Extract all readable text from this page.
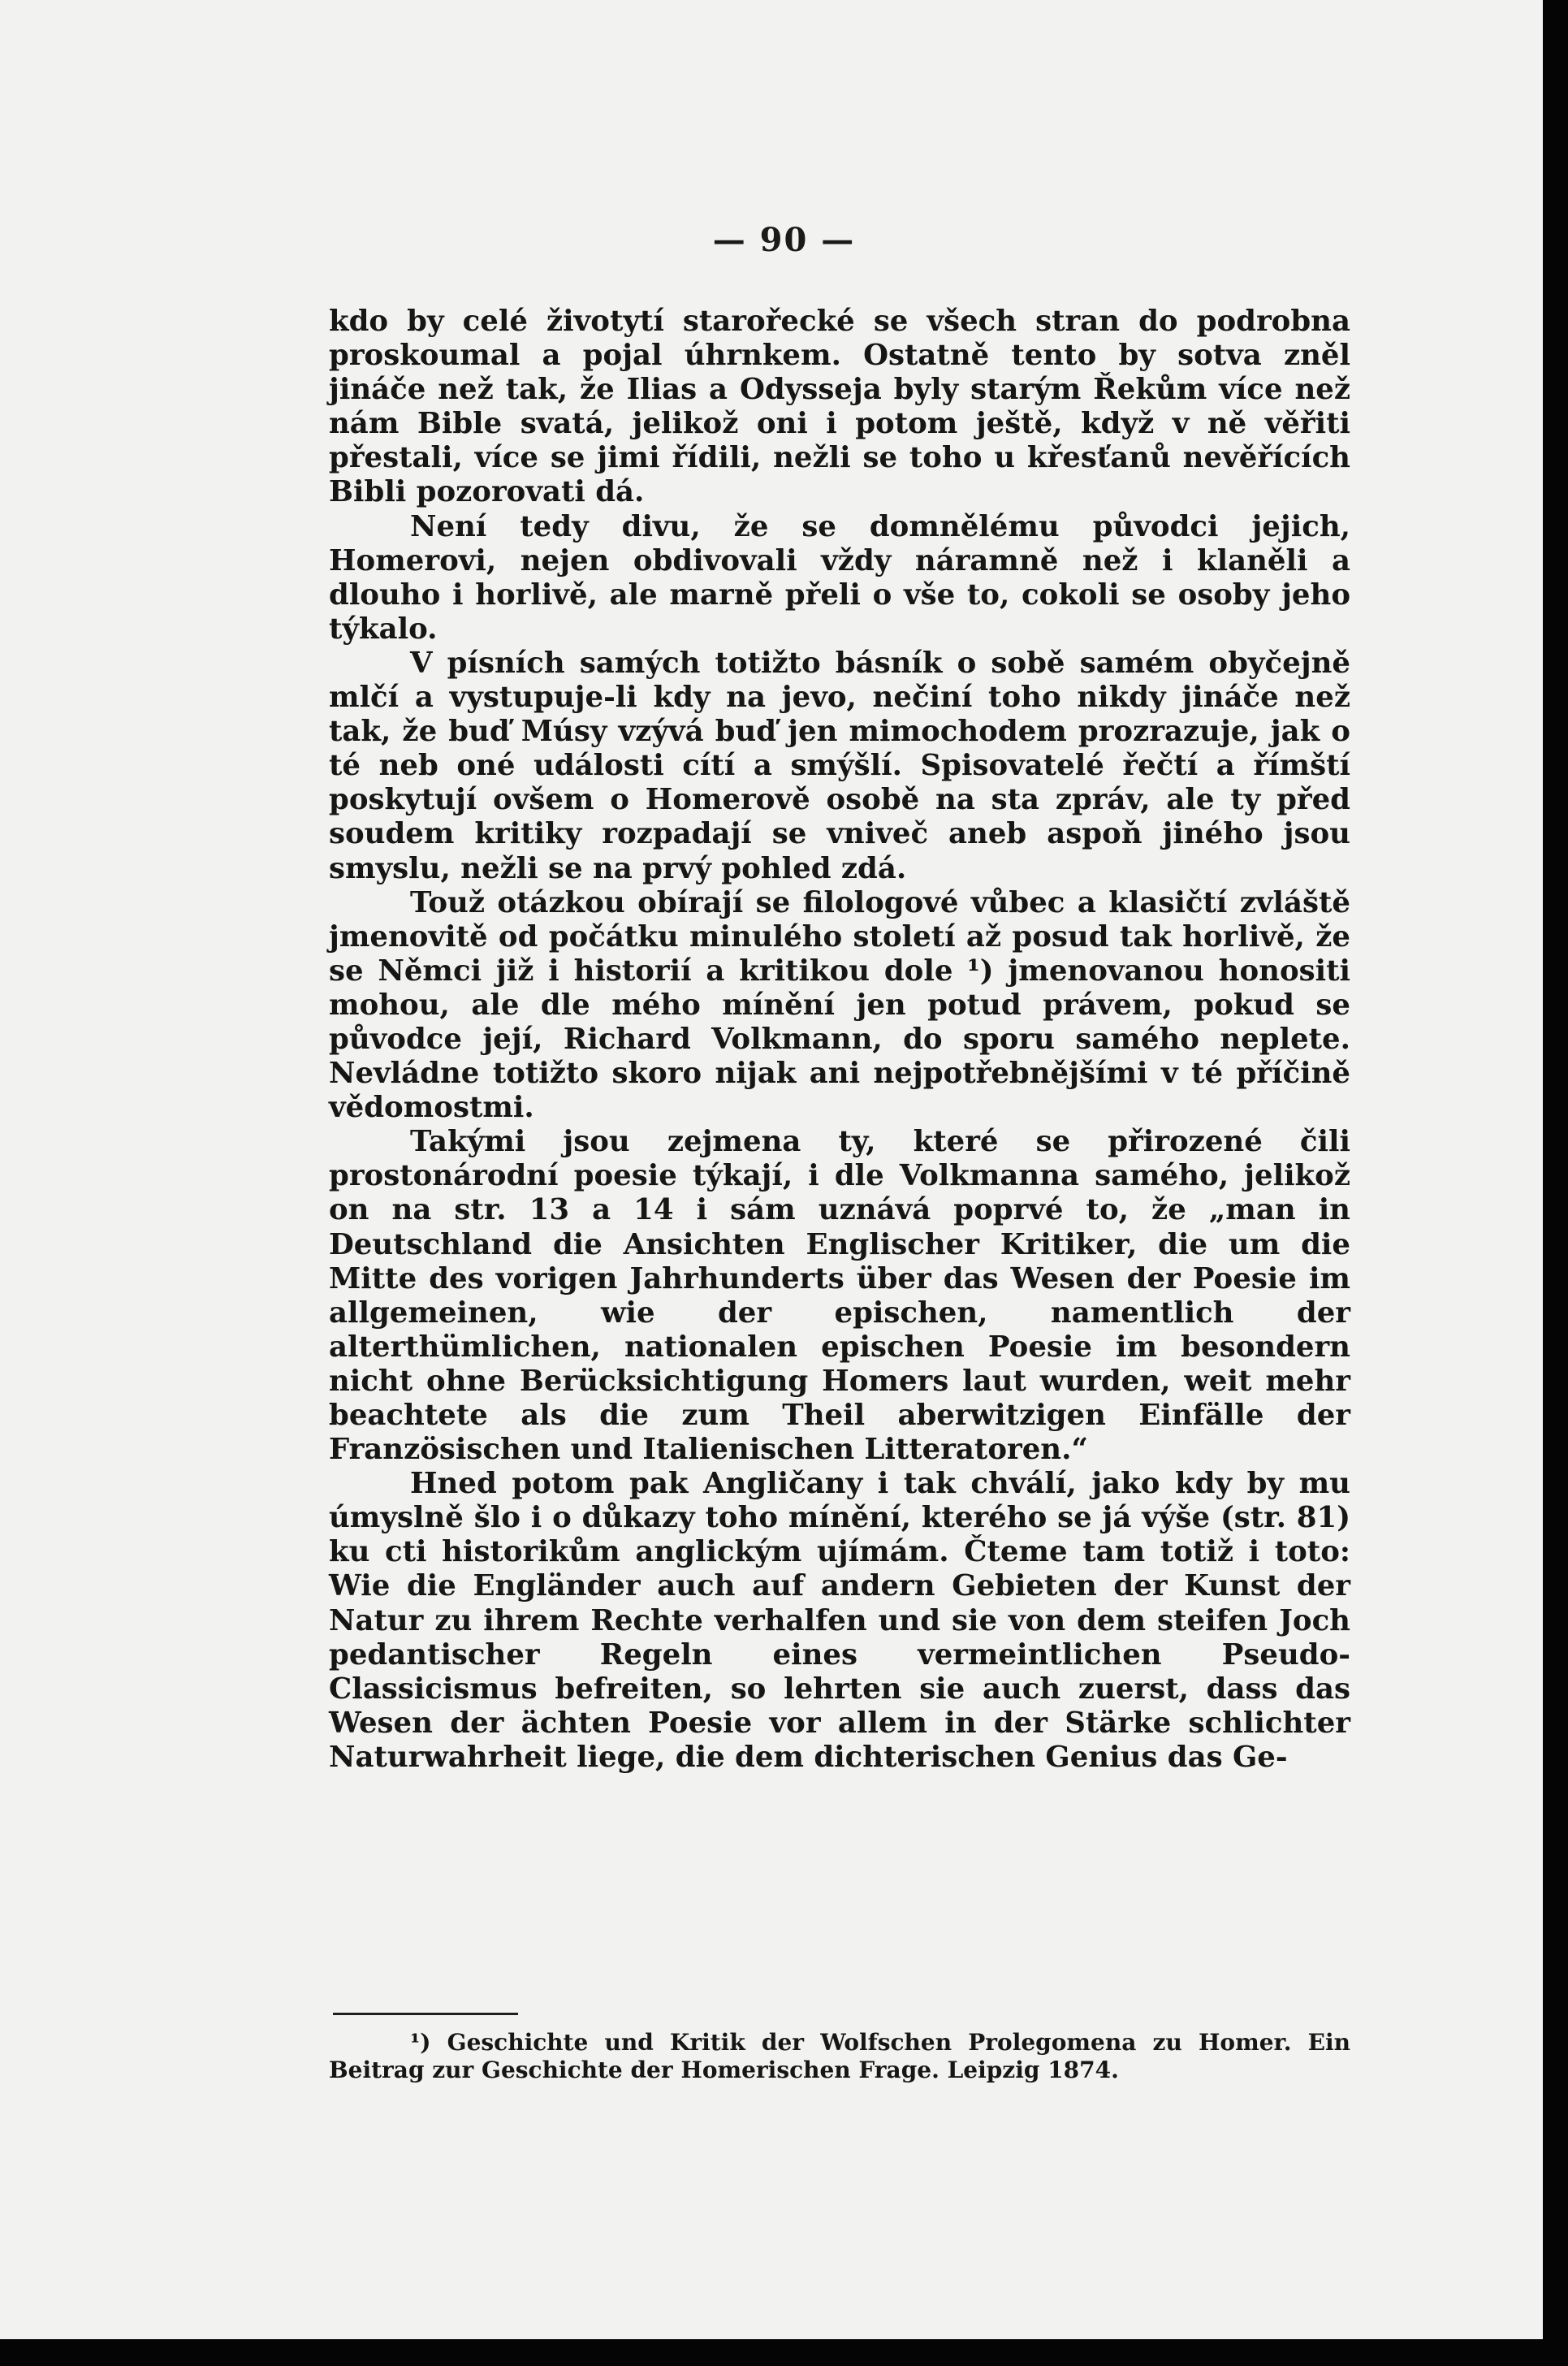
— 90 —

kdo by celé životytí starořecké se všech stran do podrobna proskoumal a pojal úhrnkem. Ostatně tento by sotva zněl jináče než tak, že Ilias a Odysseja byly starým Řekům více než nám Bible svatá, jelikož oni i potom ještě, když v ně věřiti přestali, více se jimi řídili, nežli se toho u křesťanů nevěřících Bibli pozorovati dá.

Není tedy divu, že se domnělému původci jejich, Homerovi, nejen obdivovali vždy náramně než i klaněli a dlouho i horlivě, ale marně přeli o vše to, cokoli se osoby jeho týkalo.

V písních samých totižto básník o sobě samém obyčejně mlčí a vystupuje-li kdy na jevo, nečiní toho nikdy jináče než tak, že buď Músy vzývá buď jen mimochodem prozrazuje, jak o té neb oné události cítí a smýšlí. Spisovatelé řečtí a římští poskytují ovšem o Homerově osobě na sta zpráv, ale ty před soudem kritiky rozpadají se vniveč aneb aspoň jiného jsou smyslu, nežli se na prvý pohled zdá.

Touž otázkou obírají se filologové vůbec a klasičtí zvláště jmenovitě od počátku minulého století až posud tak horlivě, že se Němci již i historií a kritikou dole ¹) jmenovanou honositi mohou, ale dle mého mínění jen potud právem, pokud se původce její, Richard Volkmann, do sporu samého neplete. Nevládne totižto skoro nijak ani nejpotřebnějšími v té příčině vědomostmi.

Takými jsou zejmena ty, které se přirozené čili prostonárodní poesie týkají, i dle Volkmanna samého, jelikož on na str. 13 a 14 i sám uznává poprvé to, že „man in Deutschland die Ansichten Englischer Kritiker, die um die Mitte des vorigen Jahrhunderts über das Wesen der Poesie im allgemeinen, wie der epischen, namentlich der alterthümlichen, nationalen epischen Poesie im besondern nicht ohne Berücksichtigung Homers laut wurden, weit mehr beachtete als die zum Theil aberwitzigen Einfälle der Französischen und Italienischen Litteratoren.“

Hned potom pak Angličany i tak chválí, jako kdy by mu úmyslně šlo i o důkazy toho mínění, kterého se já výše (str. 81) ku cti historikům anglickým ujímám. Čteme tam totiž i toto: Wie die Engländer auch auf andern Gebieten der Kunst der Natur zu ihrem Rechte verhalfen und sie von dem steifen Joch pedantischer Regeln eines vermeintlichen Pseudo-Classicismus befreiten, so lehrten sie auch zuerst, dass das Wesen der ächten Poesie vor allem in der Stärke schlichter Naturwahrheit liege, die dem dichterischen Genius das Ge-

¹) Geschichte und Kritik der Wolfschen Prolegomena zu Homer. Ein Beitrag zur Geschichte der Homerischen Frage. Leipzig 1874.
